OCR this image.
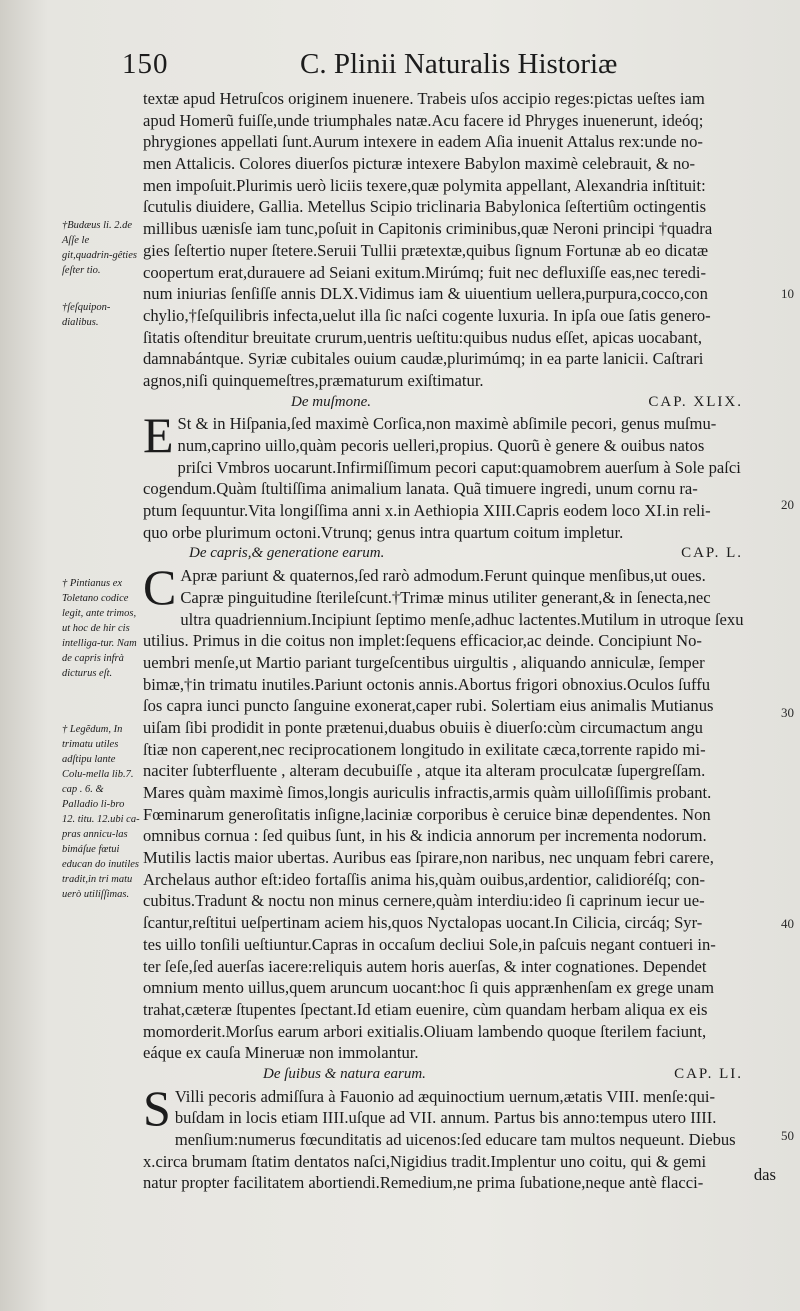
150	C. Plinii Naturalis Historiæ
†Budæus li. 2.de Aſſe le git,quadrin-gêties ſeſter tio.
†ſeſquipon-dialibus.
† Pintianus ex Toletano codice legit, ante trimos, ut hoc de hir cis intelliga-tur. Nam de capris infrà dicturus eſt.
† Legẽdum, In trimatu utiles adſtipu lante Colu-mella lib.7. cap . 6. & Palladio li-bro 12. titu. 12.ubi ca-pras annicu-las bimáſue fœtui educan do inutiles tradit,in tri matu uerò utiliſſimas.
10
20
30
40
50
textæ apud Hetruſcos originem inuenere. Trabeis uſos accipio reges:pictas ueſtes iam
apud Homerũ fuiſſe,unde triumphales natæ.Acu facere id Phryges inuenerunt, ideóq;
phrygiones appellati ſunt.Aurum intexere in eadem Aſia inuenit Attalus rex:unde no-
men Attalicis. Colores diuerſos picturæ intexere Babylon maximè celebrauit, & no-
men impoſuit.Plurimis uerò liciis texere,quæ polymita appellant, Alexandria inſtituit:
ſcutulis diuidere, Gallia. Metellus Scipio triclinaria Babylonica ſeſtertiûm octingentis
millibus uænisſe iam tunc,poſuit in Capitonis criminibus,quæ Neroni principi †quadra
gies ſeſtertio nuper ſtetere.Seruii Tullii prætextæ,quibus ſignum Fortunæ ab eo dicatæ
coopertum erat,durauere ad Seiani exitum.Mirúmq; fuit nec defluxiſſe eas,nec teredi-
num iniurias ſenſiſſe annis DLX.Vidimus iam & uiuentium uellera,purpura,cocco,con
chylio,†ſeſquilibris infecta,uelut illa ſic naſci cogente luxuria. In ipſa oue ſatis genero-
ſitatis oſtenditur breuitate crurum,uentris ueſtitu:quibus nudus eſſet, apicas uocabant,
damnabántque. Syriæ cubitales ouium caudæ,plurimúmq; in ea parte lanicii. Caſtrari
agnos,niſi quinquemeſtres,præmaturum exiſtimatur.
De muſmone.	CAP. XLIX.
E St & in Hiſpania,ſed maximè Corſica,non maximè abſimile pecori, genus muſmu-
num,caprino uillo,quàm pecoris uelleri,propius. Quorũ è genere & ouibus natos
priſci Vmbros uocarunt.Infirmiſſimum pecori caput:quamobrem auerſum à Sole paſci
cogendum.Quàm ſtultiſſima animalium lanata. Quã timuere ingredi, unum cornu ra-
ptum ſequuntur.Vita longiſſima anni x.in Aethiopia XIII.Capris eodem loco XI.in reli-
quo orbe plurimum octoni.Vtrunq; genus intra quartum coitum impletur.
De capris,& generatione earum.	CAP. L.
C Apræ pariunt & quaternos,ſed rarò admodum.Ferunt quinque menſibus,ut oues.
Capræ pinguitudine ſterileſcunt.†Trimæ minus utiliter generant,& in ſenecta,nec
ultra quadriennium.Incipiunt ſeptimo menſe,adhuc lactentes.Mutilum in utroque ſexu
utilius. Primus in die coitus non implet:ſequens efficacior,ac deinde. Concipiunt No-
uembri menſe,ut Martio pariant turgeſcentibus uirgultis , aliquando anniculæ, ſemper
bimæ,†in trimatu inutiles.Pariunt octonis annis.Abortus frigori obnoxius.Oculos ſuffu
ſos capra iunci puncto ſanguine exonerat,caper rubi. Solertiam eius animalis Mutianus
uiſam ſibi prodidit in ponte prætenui,duabus obuiis è diuerſo:cùm circumactum angu
ſtiæ non caperent,nec reciprocationem longitudo in exilitate cæca,torrente rapido mi-
naciter ſubterfluente , alteram decubuiſſe , atque ita alteram proculcatæ ſupergreſſam.
Mares quàm maximè ſimos,longis auriculis infractis,armis quàm uilloſiſſimis probant.
Fœminarum generoſitatis inſigne,laciniæ corporibus è ceruice binæ dependentes. Non
omnibus cornua : ſed quibus ſunt, in his & indicia annorum per incrementa nodorum.
Mutilis lactis maior ubertas. Auribus eas ſpirare,non naribus, nec unquam febri carere,
Archelaus author eſt:ideo fortaſſis anima his,quàm ouibus,ardentior, calidioréſq; con-
cubitus.Tradunt & noctu non minus cernere,quàm interdiu:ideo ſi caprinum iecur ue-
ſcantur,reſtitui ueſpertinam aciem his,quos Nyctalopas uocant.In Cilicia, circáq; Syr-
tes uillo tonſili ueſtiuntur.Capras in occaſum decliui Sole,in paſcuis negant contueri in-
ter ſeſe,ſed auerſas iacere:reliquis autem horis auerſas, & inter cognationes. Dependet
omnium mento uillus,quem aruncum uocant:hoc ſi quis apprænhenſam ex grege unam
trahat,cæteræ ſtupentes ſpectant.Id etiam euenire, cùm quandam herbam aliqua ex eis
momorderit.Morſus earum arbori exitialis.Oliuam lambendo quoque ſterilem faciunt,
eáque ex cauſa Mineruæ non immolantur.
De ſuibus & natura earum.	CAP. LI.
S Villi pecoris admiſſura à Fauonio ad æquinoctium uernum,ætatis VIII. menſe:qui-
buſdam in locis etiam IIII.uſque ad VII. annum. Partus bis anno:tempus utero IIII.
menſium:numerus fœcunditatis ad uicenos:ſed educare tam multos nequeunt. Diebus
x.circa brumam ſtatim dentatos naſci,Nigidius tradit.Implentur uno coitu, qui & gemi
natur propter facilitatem abortiendi.Remedium,ne prima ſubatione,neque antè flacci-	das
